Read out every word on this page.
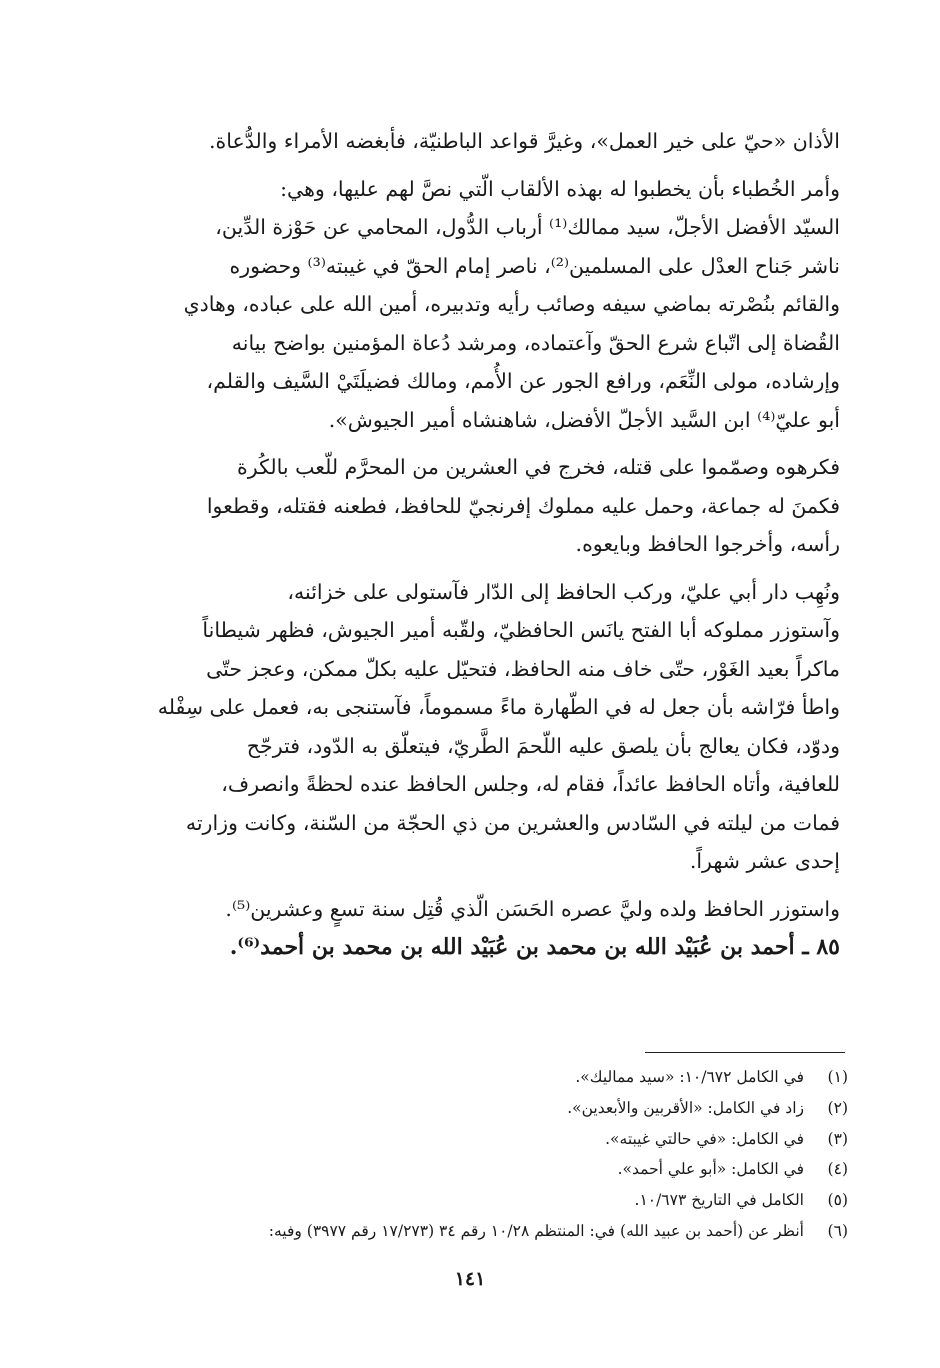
الأذان «حيّ على خير العمل»، وغيرَّ قواعد الباطنيّة، فأبغضه الأمراء والدُّعاة.

وأمر الخُطباء بأن يخطبوا له بهذه الألقاب الّتي نصَّ لهم عليها، وهي:
السيّد الأفضل الأجلّ، سيد ممالك⁽¹⁾ أرباب الدُّول، المحامي عن حَوْزة الدِّين،
ناشر جَناح العدْل على المسلمين⁽²⁾، ناصر إمام الحقّ في غيبته⁽³⁾ وحضوره
والقائم بنُصْرته بماضي سيفه وصائب رأيه وتدبيره، أمين الله على عباده، وهادي
القُضاة إلى اتّباع شرع الحقّ وآعتماده، ومرشد دُعاة المؤمنين بواضح بيانه
وإرشاده، مولى النِّعَم، ورافع الجور عن الأُمم، ومالك فضيلَتَيْ السَّيف والقلم،
أبو عليّ⁽⁴⁾ ابن السَّيد الأجلّ الأفضل، شاهنشاه أمير الجيوش».

فكرهوه وصمّموا على قتله، فخرج في العشرين من المحرَّم للّعب بالكُرة
فكمنَ له جماعة، وحمل عليه مملوك إفرنجيّ للحافظ، فطعنه فقتله، وقطعوا
رأسه، وأخرجوا الحافظ وبايعوه.

ونُهِب دار أبي عليّ، وركب الحافظ إلى الدّار فآستولى على خزائنه،
وآستوزر مملوكه أبا الفتح يانَس الحافظيّ، ولقّبه أمير الجيوش، فظهر شيطاناً
ماكراً بعيد الغَوْر، حتّى خاف منه الحافظ، فتحيّل عليه بكلّ ممكن، وعجز حتّى
واطأ فرّاشه بأن جعل له في الطّهارة ماءً مسموماً، فآستنجى به، فعمل على سِفْله
ودوّد، فكان يعالج بأن يلصق عليه اللّحمَ الطَّريّ، فيتعلّق به الدّود، فترجّح
للعافية، وأتاه الحافظ عائداً، فقام له، وجلس الحافظ عنده لحظةً وانصرف،
فمات من ليلته في السّادس والعشرين من ذي الحجّة من السّنة، وكانت وزارته
إحدى عشر شهراً.

واستوزر الحافظ ولده وليَّ عصره الحَسَن الّذي قُتِل سنة تسعٍ وعشرين⁽⁵⁾.

٨٥ ـ أحمد بن عُبَيْد الله بن محمد بن عُبَيْد الله بن محمد بن أحمد⁽⁶⁾.

(١)
في الكامل ١٠/٦٧٢: «سيد مماليك».
(٢)
زاد في الكامل: «الأقربين والأبعدين».
(٣)
في الكامل: «في حالتي غيبته».
(٤)
في الكامل: «أبو علي أحمد».
(٥)
الكامل في التاريخ ١٠/٦٧٣.
(٦)
أنظر عن (أحمد بن عبيد الله) في: المنتظم ١٠/٢٨ رقم ٣٤ (١٧/٢٧٣ رقم ٣٩٧٧) وفيه:
١٤١
